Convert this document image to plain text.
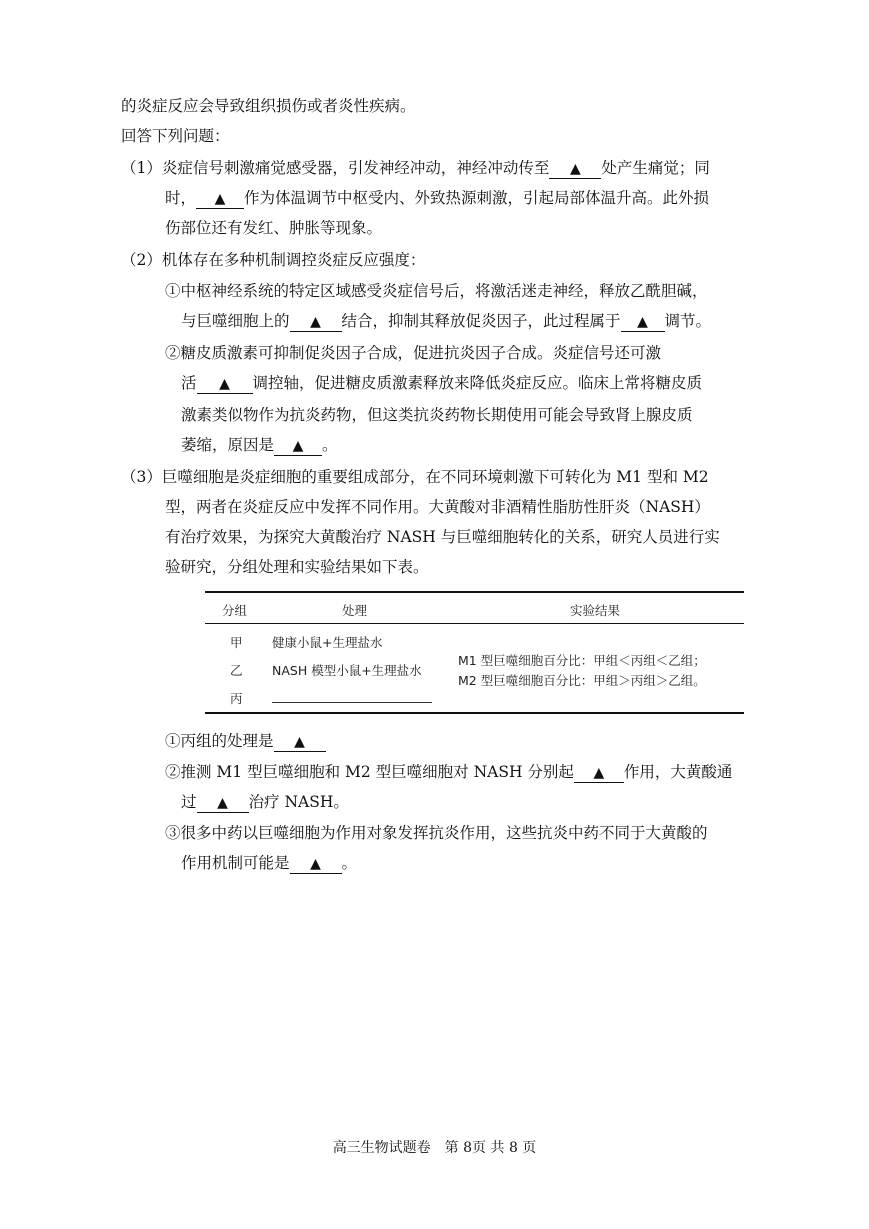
的炎症反应会导致组织损伤或者炎性疾病。
回答下列问题：
（1）炎症信号刺激痛觉感受器，引发神经冲动，神经冲动传至 ▲ 处产生痛觉；同
时， ▲ 作为体温调节中枢受内、外致热源刺激，引起局部体温升高。此外损
伤部位还有发红、肿胀等现象。
（2）机体存在多种机制调控炎症反应强度：
①中枢神经系统的特定区域感受炎症信号后，将激活迷走神经，释放乙酰胆碱，
与巨噬细胞上的 ▲ 结合，抑制其释放促炎因子，此过程属于 ▲ 调节。
②糖皮质激素可抑制促炎因子合成，促进抗炎因子合成。炎症信号还可激
活 ▲ 调控轴，促进糖皮质激素释放来降低炎症反应。临床上常将糖皮质
激素类似物作为抗炎药物，但这类抗炎药物长期使用可能会导致肾上腺皮质
萎缩，原因是 ▲ 。
（3）巨噬细胞是炎症细胞的重要组成部分，在不同环境刺激下可转化为 M1 型和 M2
型，两者在炎症反应中发挥不同作用。大黄酸对非酒精性脂肪性肝炎（NASH）
有治疗效果，为探究大黄酸治疗 NASH 与巨噬细胞转化的关系，研究人员进行实
验研究，分组处理和实验结果如下表。
分组	处理	实验结果
甲
乙
丙
健康小鼠+生理盐水
NASH 模型小鼠+生理盐水
M1 型巨噬细胞百分比：甲组＜丙组＜乙组；
M2 型巨噬细胞百分比：甲组＞丙组＞乙组。
①丙组的处理是 ▲
②推测 M1 型巨噬细胞和 M2 型巨噬细胞对 NASH 分别起 ▲ 作用，大黄酸通
过 ▲ 治疗 NASH。
③很多中药以巨噬细胞为作用对象发挥抗炎作用，这些抗炎中药不同于大黄酸的
作用机制可能是 ▲ 。
高三生物试题卷　第 8页 共 8 页
